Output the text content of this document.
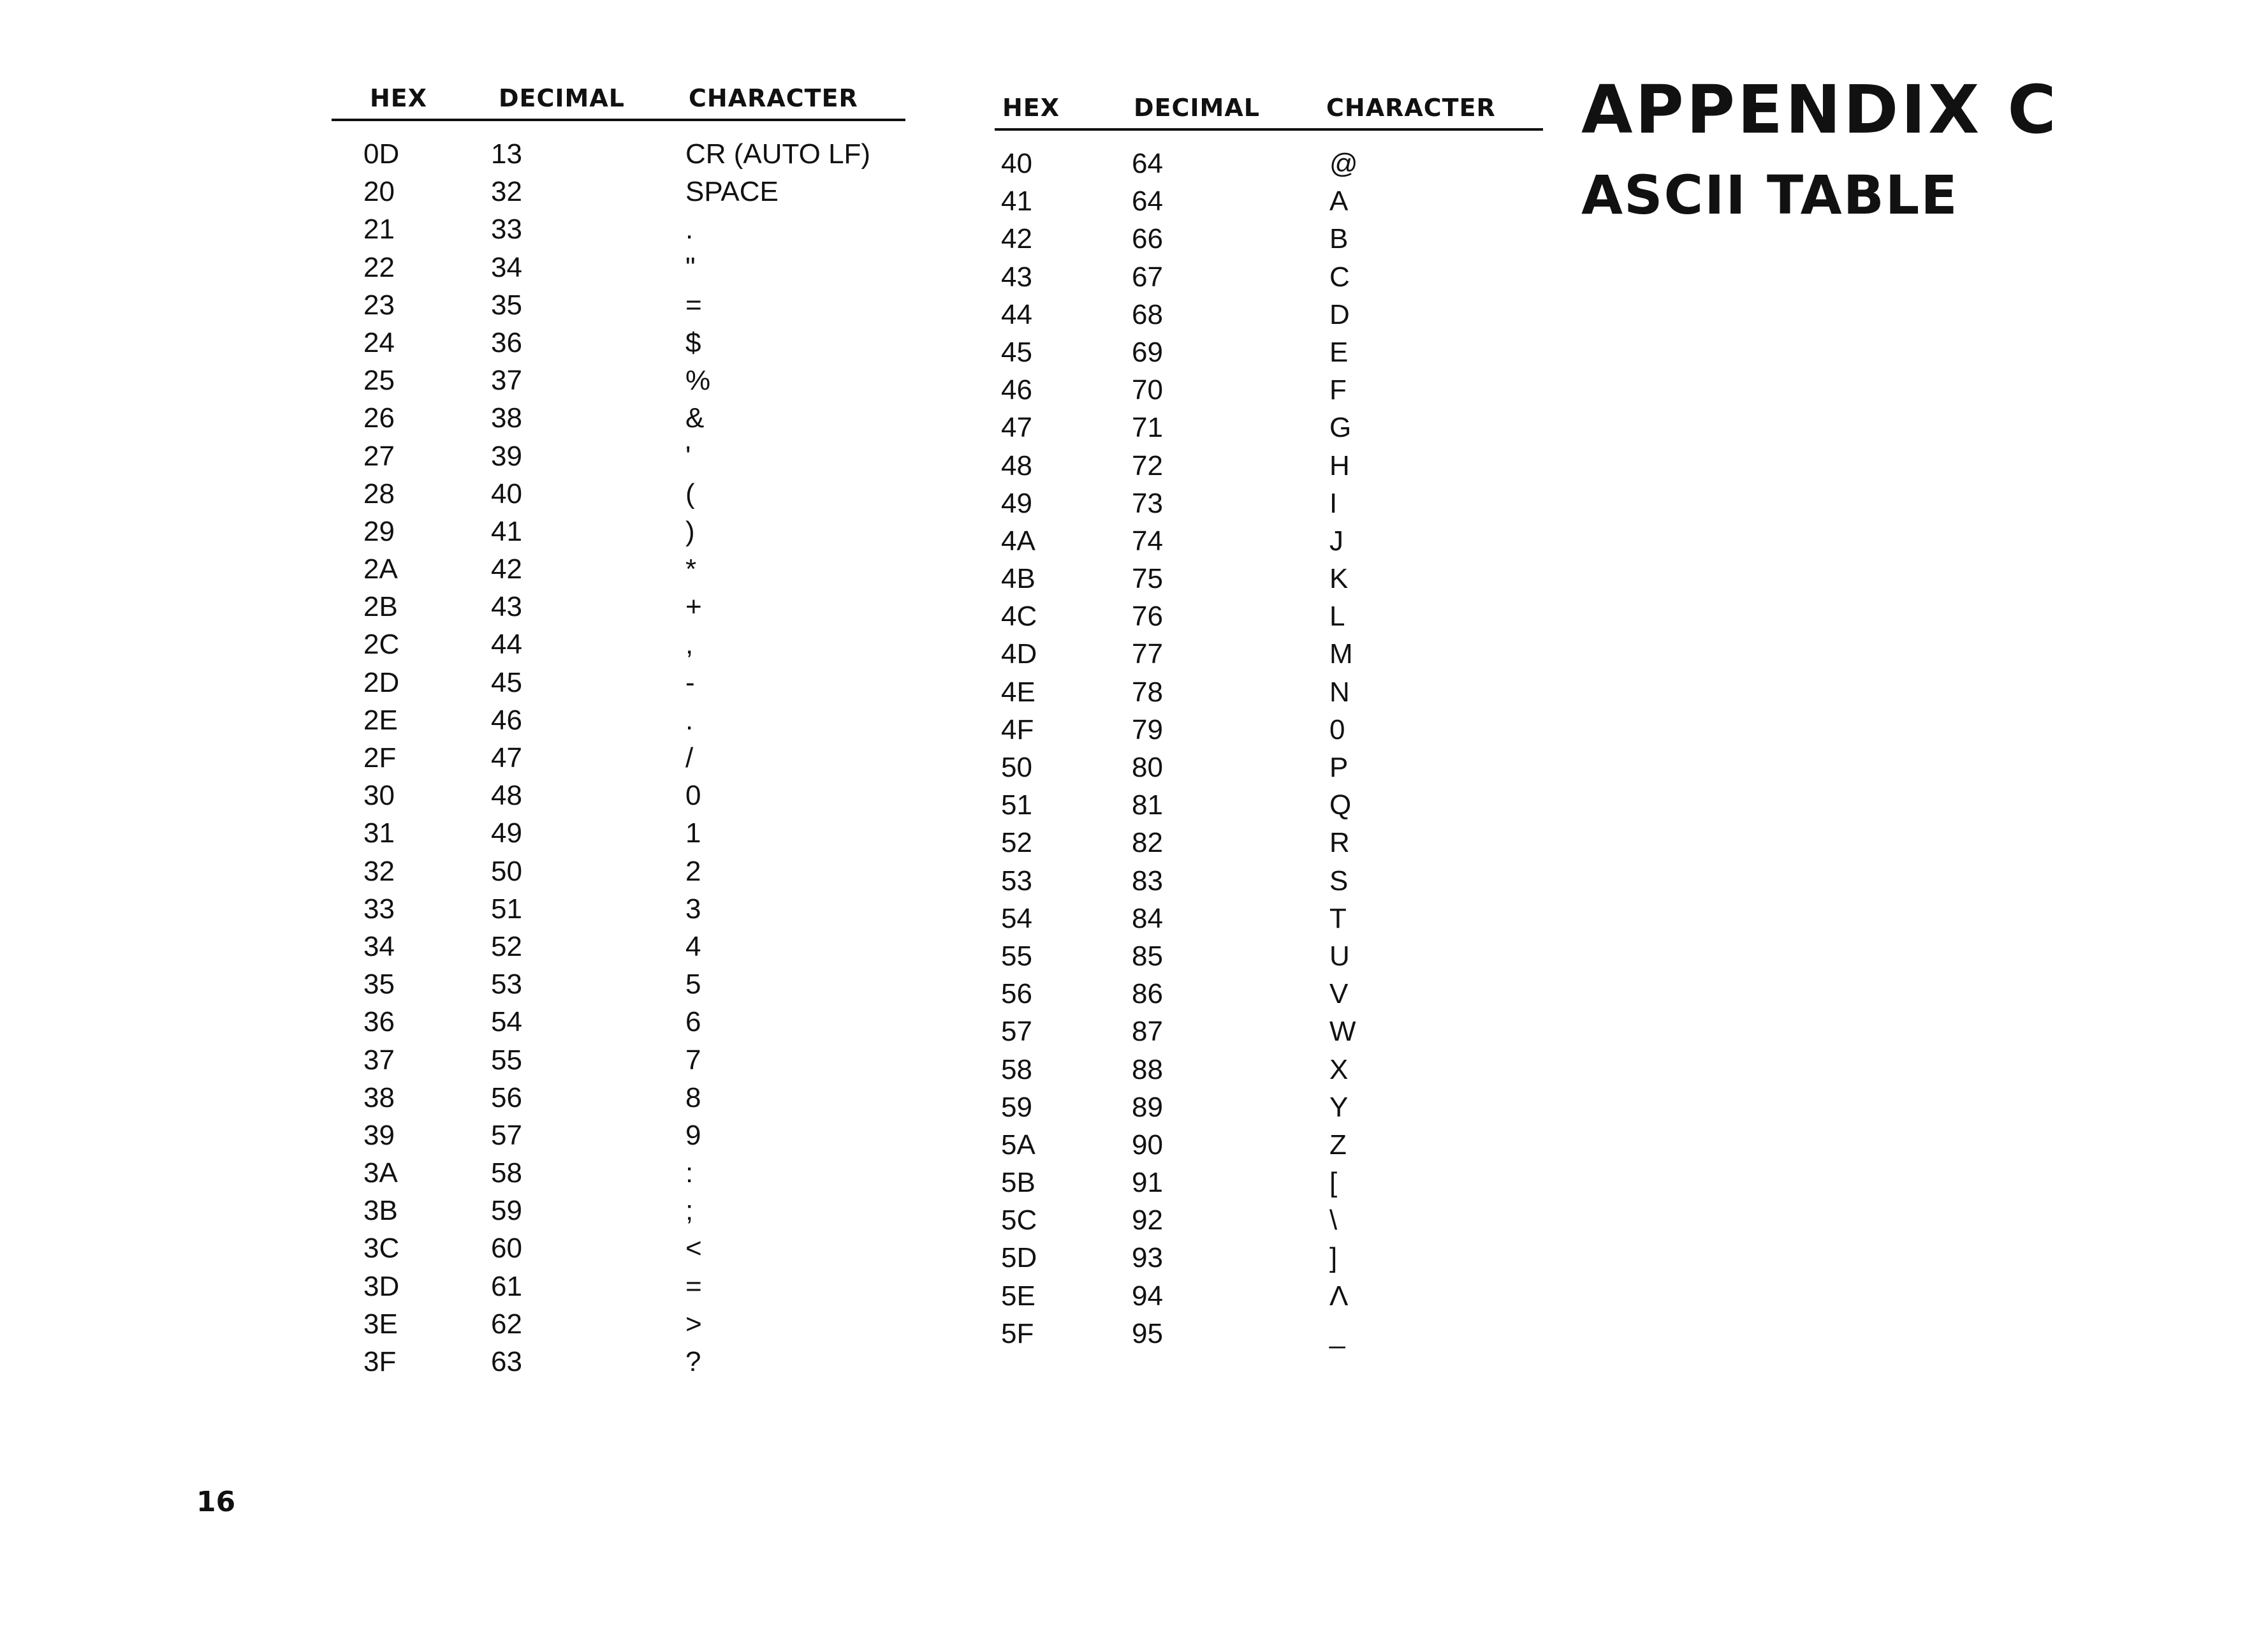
HEX	DECIMAL	CHARACTER
0D	13	CR (AUTO LF)
20	32	SPACE
21	33	.
22	34	"
23	35	=
24	36	$
25	37	%
26	38	&
27	39	'
28	40	(
29	41	)
2A	42	*
2B	43	+
2C	44	,
2D	45	-
2E	46	.
2F	47	/
30	48	0
31	49	1
32	50	2
33	51	3
34	52	4
35	53	5
36	54	6
37	55	7
38	56	8
39	57	9
3A	58	:
3B	59	;
3C	60	<
3D	61	=
3E	62	>
3F	63	?
HEX	DECIMAL	CHARACTER
40	64	@
41	64	A
42	66	B
43	67	C
44	68	D
45	69	E
46	70	F
47	71	G
48	72	H
49	73	I
4A	74	J
4B	75	K
4C	76	L
4D	77	M
4E	78	N
4F	79	0
50	80	P
51	81	Q
52	82	R
53	83	S
54	84	T
55	85	U
56	86	V
57	87	W
58	88	X
59	89	Y
5A	90	Z
5B	91	[
5C	92	\
5D	93	]
5E	94	Λ
5F	95	_
APPENDIX C
ASCII TABLE
16
